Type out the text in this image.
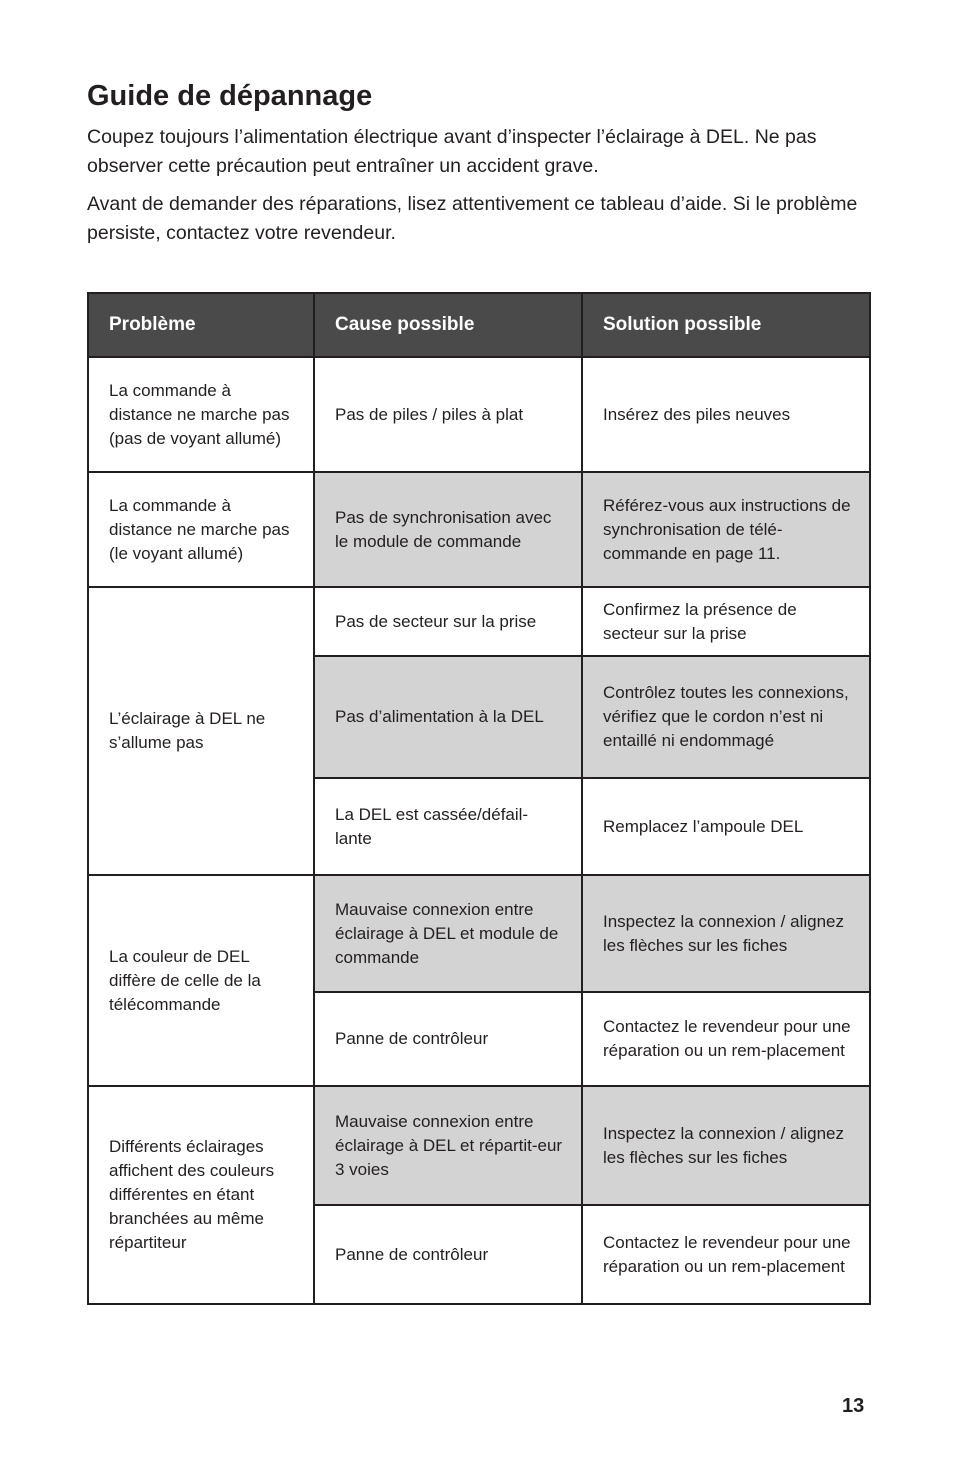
Guide de dépannage

Coupez toujours l’alimentation électrique avant d’inspecter l’éclairage à DEL. Ne pas observer cette précaution peut entraîner un accident grave.

Avant de demander des réparations, lisez attentivement ce tableau d’aide. Si le problème persiste, contactez votre revendeur.

Problème	Cause possible	Solution possible
La commande à distance ne marche pas (pas de voyant allumé)	Pas de piles / piles à plat	Insérez des piles neuves
La commande à distance ne marche pas (le voyant allumé)	Pas de synchronisation avec le module de commande	Référez-vous aux instructions de synchronisation de télé-commande en page 11.
L’éclairage à DEL ne s’allume pas	Pas de secteur sur la prise	Confirmez la présence de secteur sur la prise
	Pas d’alimentation à la DEL	Contrôlez toutes les connexions, vérifiez que le cordon n’est ni entaillé ni endommagé
	La DEL est cassée/défail-lante	Remplacez l’ampoule DEL
La couleur de DEL diffère de celle de la télécommande	Mauvaise connexion entre éclairage à DEL et module de commande	Inspectez la connexion / alignez les flèches sur les fiches
	Panne de contrôleur	Contactez le revendeur pour une réparation ou un rem-placement
Différents éclairages affichent des couleurs différentes en étant branchées au même répartiteur	Mauvaise connexion entre éclairage à DEL et répartit-eur 3 voies	Inspectez la connexion / alignez les flèches sur les fiches
	Panne de contrôleur	Contactez le revendeur pour une réparation ou un rem-placement
13
